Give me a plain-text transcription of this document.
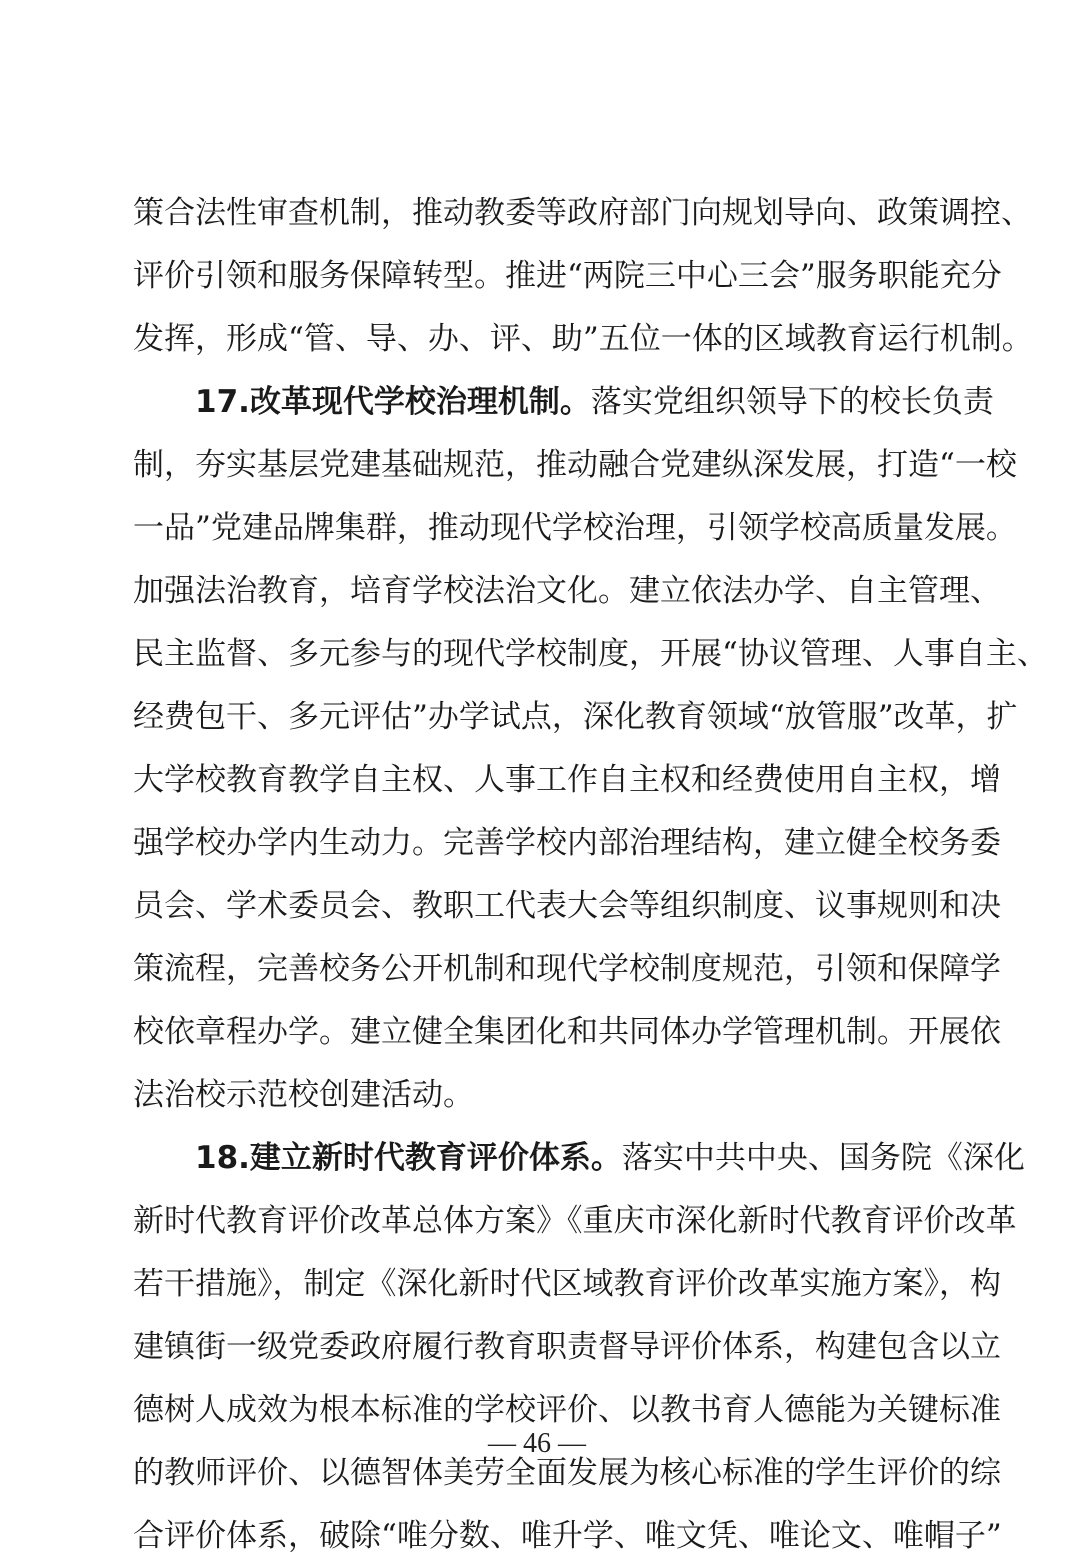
策合法性审查机制，推动教委等政府部门向规划导向、政策调控、
评价引领和服务保障转型。推进“两院三中心三会”服务职能充分
发挥，形成“管、导、办、评、助”五位一体的区域教育运行机制。
17.改革现代学校治理机制。落实党组织领导下的校长负责
制，夯实基层党建基础规范，推动融合党建纵深发展，打造“一校
一品”党建品牌集群，推动现代学校治理，引领学校高质量发展。
加强法治教育，培育学校法治文化。建立依法办学、自主管理、
民主监督、多元参与的现代学校制度，开展“协议管理、人事自主、
经费包干、多元评估”办学试点，深化教育领域“放管服”改革，扩
大学校教育教学自主权、人事工作自主权和经费使用自主权，增
强学校办学内生动力。完善学校内部治理结构，建立健全校务委
员会、学术委员会、教职工代表大会等组织制度、议事规则和决
策流程，完善校务公开机制和现代学校制度规范，引领和保障学
校依章程办学。建立健全集团化和共同体办学管理机制。开展依
法治校示范校创建活动。
18.建立新时代教育评价体系。落实中共中央、国务院《深化
新时代教育评价改革总体方案》《重庆市深化新时代教育评价改革
若干措施》，制定《深化新时代区域教育评价改革实施方案》，构
建镇街一级党委政府履行教育职责督导评价体系，构建包含以立
德树人成效为根本标准的学校评价、以教书育人德能为关键标准
的教师评价、以德智体美劳全面发展为核心标准的学生评价的综
合评价体系，破除“唯分数、唯升学、唯文凭、唯论文、唯帽子”
— 46 —
